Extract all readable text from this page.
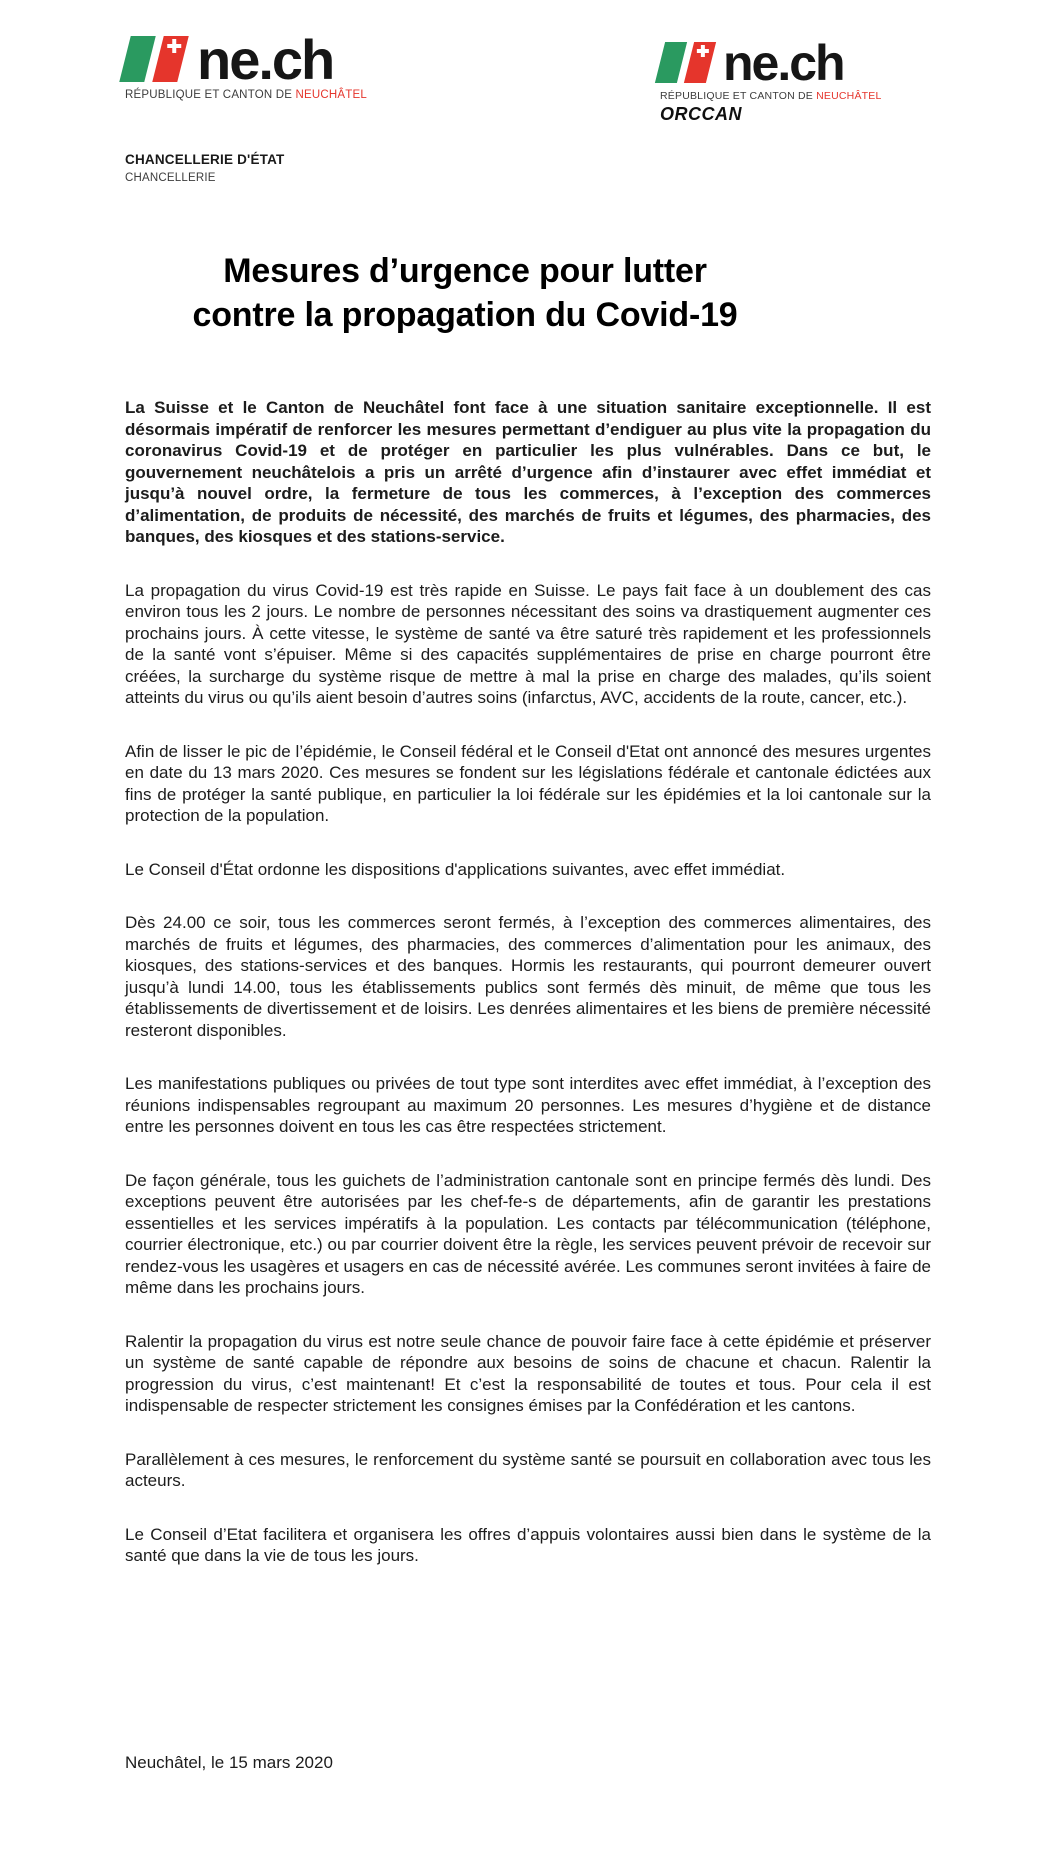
ne.ch
RÉPUBLIQUE ET CANTON DE NEUCHÂTEL
ne.ch
RÉPUBLIQUE ET CANTON DE NEUCHÂTEL
ORCCAN
CHANCELLERIE D'ÉTAT
CHANCELLERIE
Mesures d’urgence pour lutter
contre la propagation du Covid-19

La Suisse et le Canton de Neuchâtel font face à une situation sanitaire exceptionnelle. Il est désormais impératif de renforcer les mesures permettant d’endiguer au plus vite la propagation du coronavirus Covid-19 et de protéger en particulier les plus vulnérables. Dans ce but, le gouvernement neuchâtelois a pris un arrêté d’urgence afin d’instaurer avec effet immédiat et jusqu’à nouvel ordre, la fermeture de tous les commerces, à l’exception des commerces d’alimentation, de produits de nécessité, des marchés de fruits et légumes, des pharmacies, des banques, des kiosques et des stations-service.

La propagation du virus Covid-19 est très rapide en Suisse. Le pays fait face à un doublement des cas environ tous les 2 jours. Le nombre de personnes nécessitant des soins va drastiquement augmenter ces prochains jours. À cette vitesse, le système de santé va être saturé très rapidement et les professionnels de la santé vont s’épuiser. Même si des capacités supplémentaires de prise en charge pourront être créées, la surcharge du système risque de mettre à mal la prise en charge des malades, qu’ils soient atteints du virus ou qu’ils aient besoin d’autres soins (infarctus, AVC, accidents de la route, cancer, etc.).

Afin de lisser le pic de l’épidémie, le Conseil fédéral et le Conseil d'Etat ont annoncé des mesures urgentes en date du 13 mars 2020. Ces mesures se fondent sur les législations fédérale et cantonale édictées aux fins de protéger la santé publique, en particulier la loi fédérale sur les épidémies et la loi cantonale sur la protection de la population.

Le Conseil d'État ordonne les dispositions d'applications suivantes, avec effet immédiat.

Dès 24.00 ce soir, tous les commerces seront fermés, à l’exception des commerces alimentaires, des marchés de fruits et légumes, des pharmacies, des commerces d’alimentation pour les animaux, des kiosques, des stations-services et des banques. Hormis les restaurants, qui pourront demeurer ouvert jusqu’à lundi 14.00, tous les établissements publics sont fermés dès minuit, de même que tous les établissements de divertissement et de loisirs. Les denrées alimentaires et les biens de première nécessité resteront disponibles.

Les manifestations publiques ou privées de tout type sont interdites avec effet immédiat, à l’exception des réunions indispensables regroupant au maximum 20 personnes. Les mesures d’hygiène et de distance entre les personnes doivent en tous les cas être respectées strictement.

De façon générale, tous les guichets de l’administration cantonale sont en principe fermés dès lundi. Des exceptions peuvent être autorisées par les chef-fe-s de départements, afin de garantir les prestations essentielles et les services impératifs à la population. Les contacts par télécommunication (téléphone, courrier électronique, etc.) ou par courrier doivent être la règle, les services peuvent prévoir de recevoir sur rendez-vous les usagères et usagers en cas de nécessité avérée. Les communes seront invitées à faire de même dans les prochains jours.

Ralentir la propagation du virus est notre seule chance de pouvoir faire face à cette épidémie et préserver un système de santé capable de répondre aux besoins de soins de chacune et chacun. Ralentir la progression du virus, c’est maintenant! Et c’est la responsabilité de toutes et tous. Pour cela il est indispensable de respecter strictement les consignes émises par la Confédération et les cantons.

Parallèlement à ces mesures, le renforcement du système santé se poursuit en collaboration avec tous les acteurs.

Le Conseil d’Etat facilitera et organisera les offres d’appuis volontaires aussi bien dans le système de la santé que dans la vie de tous les jours.

Neuchâtel, le 15 mars 2020
